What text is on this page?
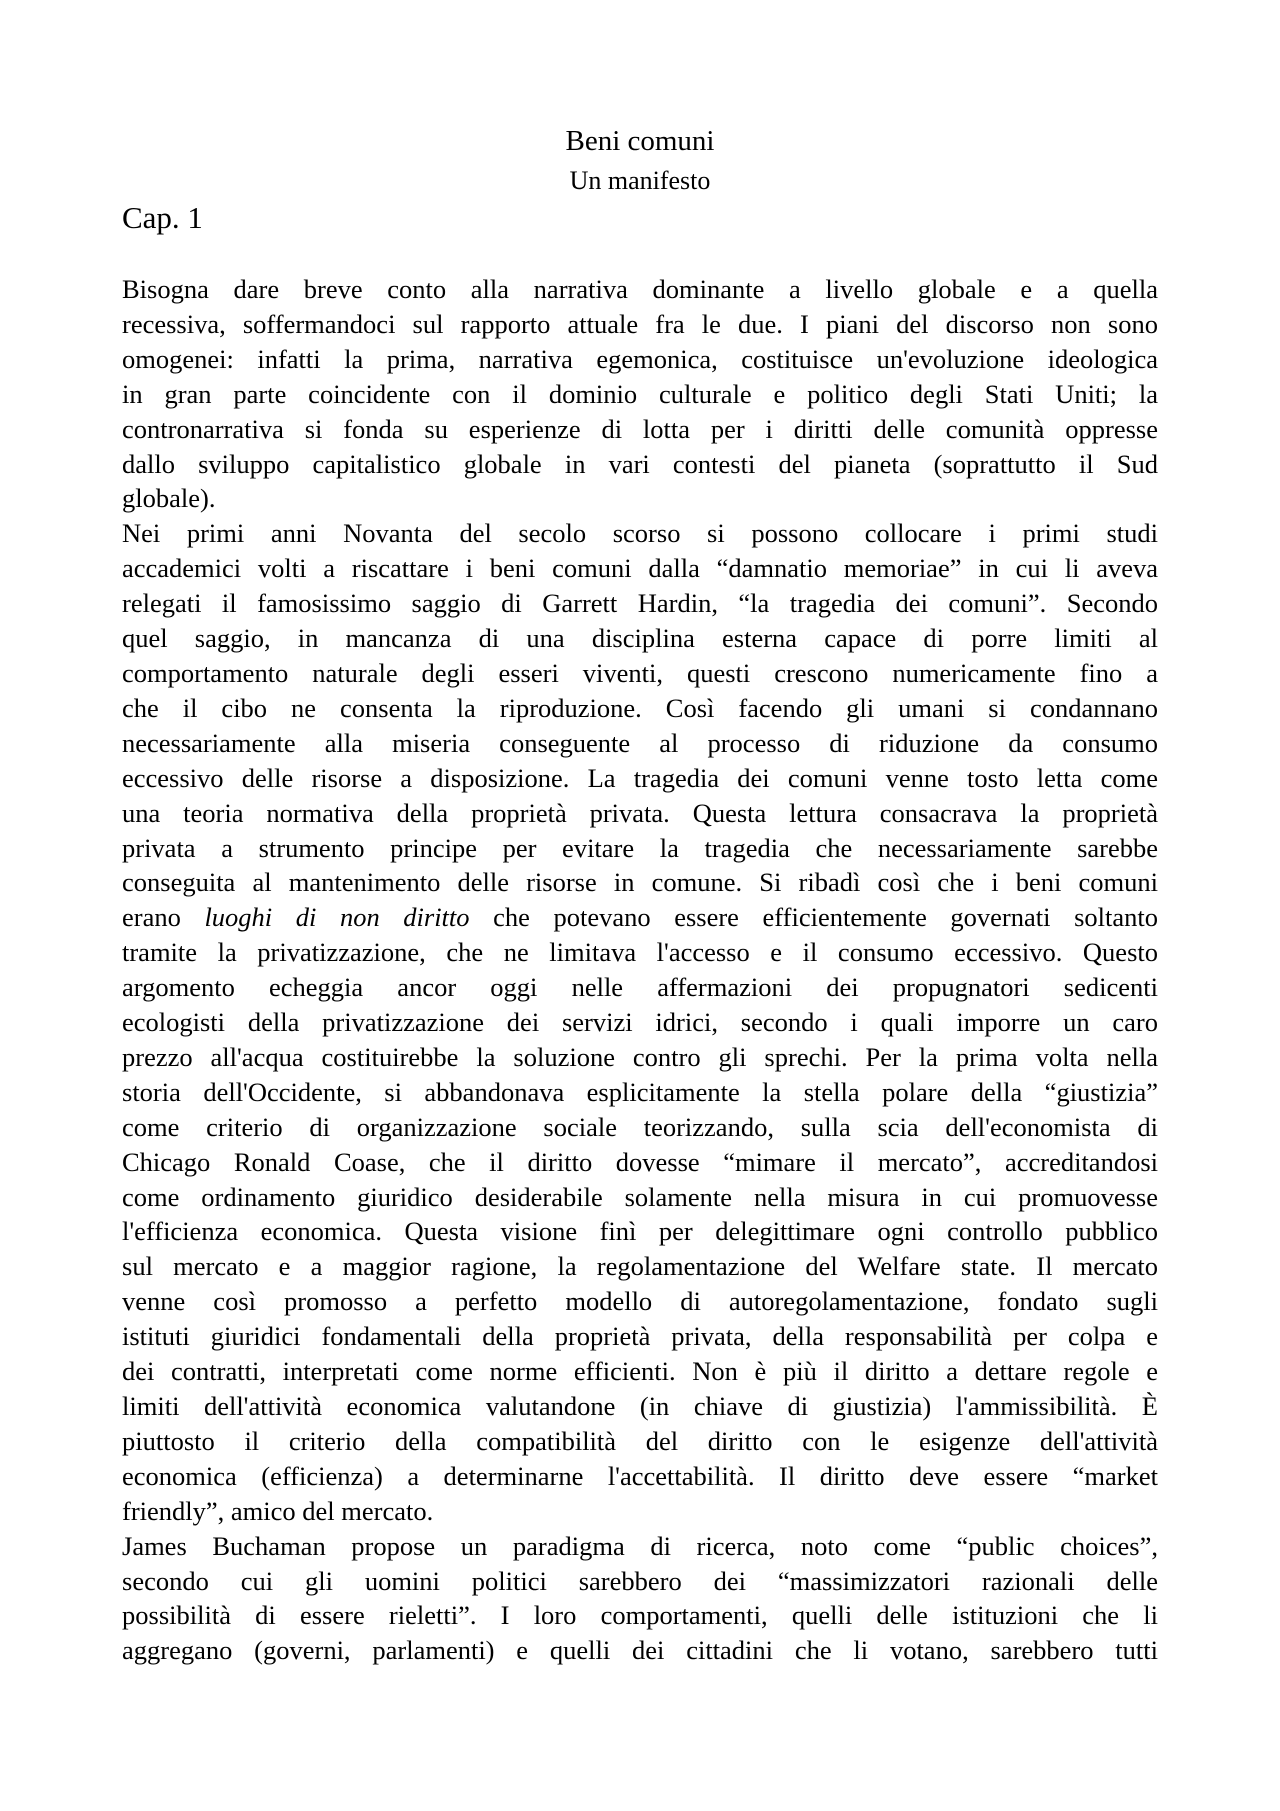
Beni comuni
Un manifesto
Cap. 1
Bisogna dare breve conto alla narrativa dominante a livello globale e a quella
recessiva, soffermandoci sul rapporto attuale fra le due. I piani del discorso non sono
omogenei: infatti la prima, narrativa egemonica, costituisce un'evoluzione ideologica
in gran parte coincidente con il dominio culturale e politico degli Stati Uniti; la
contronarrativa si fonda su esperienze di lotta per i diritti delle comunità oppresse
dallo sviluppo capitalistico globale in vari contesti del pianeta (soprattutto il Sud
globale).
Nei primi anni Novanta del secolo scorso si possono collocare i primi studi
accademici volti a riscattare i beni comuni dalla “damnatio memoriae” in cui li aveva
relegati il famosissimo saggio di Garrett Hardin, “la tragedia dei comuni”. Secondo
quel saggio, in mancanza di una disciplina esterna capace di porre limiti al
comportamento naturale degli esseri viventi, questi crescono numericamente fino a
che il cibo ne consenta la riproduzione. Così facendo gli umani si condannano
necessariamente alla miseria conseguente al processo di riduzione da consumo
eccessivo delle risorse a disposizione. La tragedia dei comuni venne tosto letta come
una teoria normativa della proprietà privata. Questa lettura consacrava la proprietà
privata a strumento principe per evitare la tragedia che necessariamente sarebbe
conseguita al mantenimento delle risorse in comune. Si ribadì così che i beni comuni
erano luoghi di non diritto che potevano essere efficientemente governati soltanto
tramite la privatizzazione, che ne limitava l'accesso e il consumo eccessivo. Questo
argomento echeggia ancor oggi nelle affermazioni dei propugnatori sedicenti
ecologisti della privatizzazione dei servizi idrici, secondo i quali imporre un caro
prezzo all'acqua costituirebbe la soluzione contro gli sprechi. Per la prima volta nella
storia dell'Occidente, si abbandonava esplicitamente la stella polare della “giustizia”
come criterio di organizzazione sociale teorizzando, sulla scia dell'economista di
Chicago Ronald Coase, che il diritto dovesse “mimare il mercato”, accreditandosi
come ordinamento giuridico desiderabile solamente nella misura in cui promuovesse
l'efficienza economica. Questa visione finì per delegittimare ogni controllo pubblico
sul mercato e a maggior ragione, la regolamentazione del Welfare state. Il mercato
venne così promosso a perfetto modello di autoregolamentazione, fondato sugli
istituti giuridici fondamentali della proprietà privata, della responsabilità per colpa e
dei contratti, interpretati come norme efficienti. Non è più il diritto a dettare regole e
limiti dell'attività economica valutandone (in chiave di giustizia) l'ammissibilità. È
piuttosto il criterio della compatibilità del diritto con le esigenze dell'attività
economica (efficienza) a determinarne l'accettabilità. Il diritto deve essere “market
friendly”, amico del mercato.
James Buchaman propose un paradigma di ricerca, noto come “public choices”,
secondo cui gli uomini politici sarebbero dei “massimizzatori razionali delle
possibilità di essere rieletti”. I loro comportamenti, quelli delle istituzioni che li
aggregano (governi, parlamenti) e quelli dei cittadini che li votano, sarebbero tutti
